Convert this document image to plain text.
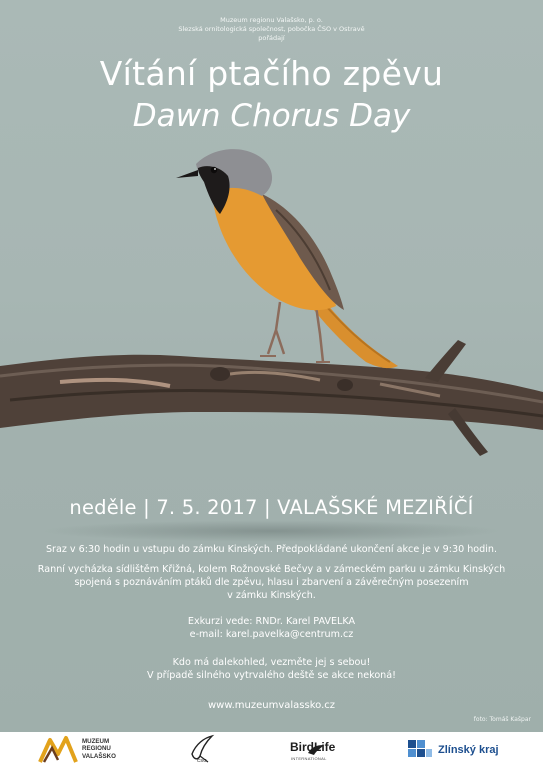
Muzeum regionu Valašsko, p. o.
Slezská ornitologická společnost, pobočka ČSO v Ostravě
pořádají
Vítání ptačího zpěvu
Dawn Chorus Day
neděle | 7. 5. 2017 | VALAŠSKÉ MEZIŘÍČÍ
Sraz v 6:30 hodin u vstupu do zámku Kinských. Předpokládané ukončení akce je v 9:30 hodin.
Ranní vycházka sídlištěm Křižná, kolem Rožnovské Bečvy a v zámeckém parku u zámku Kinských
spojená s poznáváním ptáků dle zpěvu, hlasu i zbarvení a závěrečným posezením
v zámku Kinských.
Exkurzi vede: RNDr. Karel PAVELKA
e-mail: karel.pavelka@centrum.cz
Kdo má dalekohled, vezměte jej s sebou!
V případě silného vytrvalého deště se akce nekoná!
www.muzeumvalassko.cz
foto: Tomáš Kašpar
MUZEUM
REGIONU
VALAŠSKO
ČSO
BirdLife
INTERNATIONAL
Zlínský kraj
